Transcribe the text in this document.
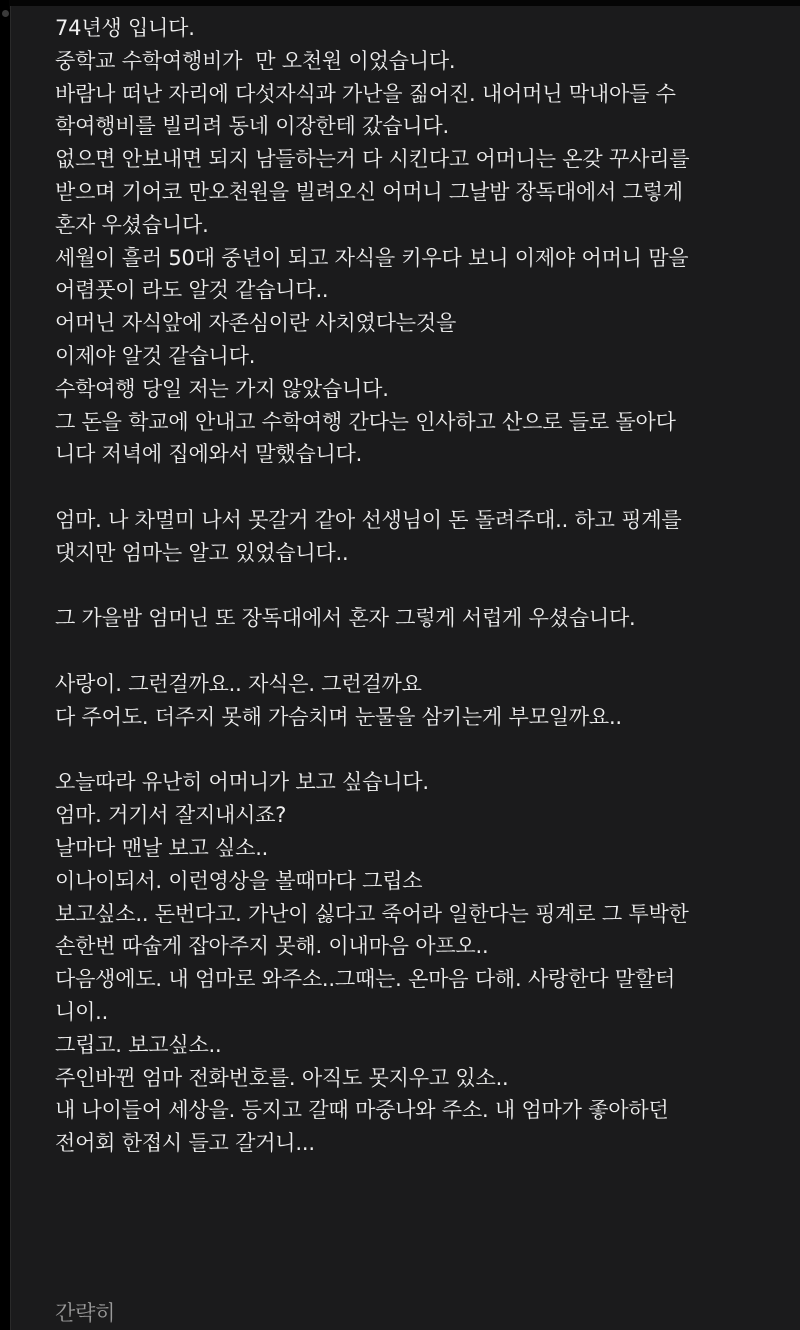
74년생 입니다.
중학교 수학여행비가  만 오천원 이었습니다.
바람나 떠난 자리에 다섯자식과 가난을 짊어진. 내어머닌 막내아들 수
학여행비를 빌리려 동네 이장한테 갔습니다.
없으면 안보내면 되지 남들하는거 다 시킨다고 어머니는 온갖 꾸사리를
받으며 기어코 만오천원을 빌려오신 어머니 그날밤 장독대에서 그렇게
혼자 우셨습니다.
세월이 흘러 50대 중년이 되고 자식을 키우다 보니 이제야 어머니 맘을
어렴풋이 라도 알것 같습니다..
어머닌 자식앞에 자존심이란 사치였다는것을
이제야 알것 같습니다.
수학여행 당일 저는 가지 않았습니다.
그 돈을 학교에 안내고 수학여행 간다는 인사하고 산으로 들로 돌아다
니다 저녁에 집에와서 말했습니다.
엄마. 나 차멀미 나서 못갈거 같아 선생님이 돈 돌려주대.. 하고 핑계를
댓지만 엄마는 알고 있었습니다..
그 가을밤 엄머닌 또 장독대에서 혼자 그렇게 서럽게 우셨습니다.
사랑이. 그런걸까요.. 자식은. 그런걸까요
다 주어도. 더주지 못해 가슴치며 눈물을 삼키는게 부모일까요..
오늘따라 유난히 어머니가 보고 싶습니다.
엄마. 거기서 잘지내시죠?
날마다 맨날 보고 싶소..
이나이되서. 이런영상을 볼때마다 그립소
보고싶소.. 돈번다고. 가난이 싫다고 죽어라 일한다는 핑계로 그 투박한
손한번 따숩게 잡아주지 못해. 이내마음 아프오..
다음생에도. 내 엄마로 와주소..그때는. 온마음 다해. 사랑한다 말할터
니이..
그립고. 보고싶소..
주인바뀐 엄마 전화번호를. 아직도 못지우고 있소..
내 나이들어 세상을. 등지고 갈때 마중나와 주소. 내 엄마가 좋아하던
전어회 한접시 들고 갈거니...
간략히
